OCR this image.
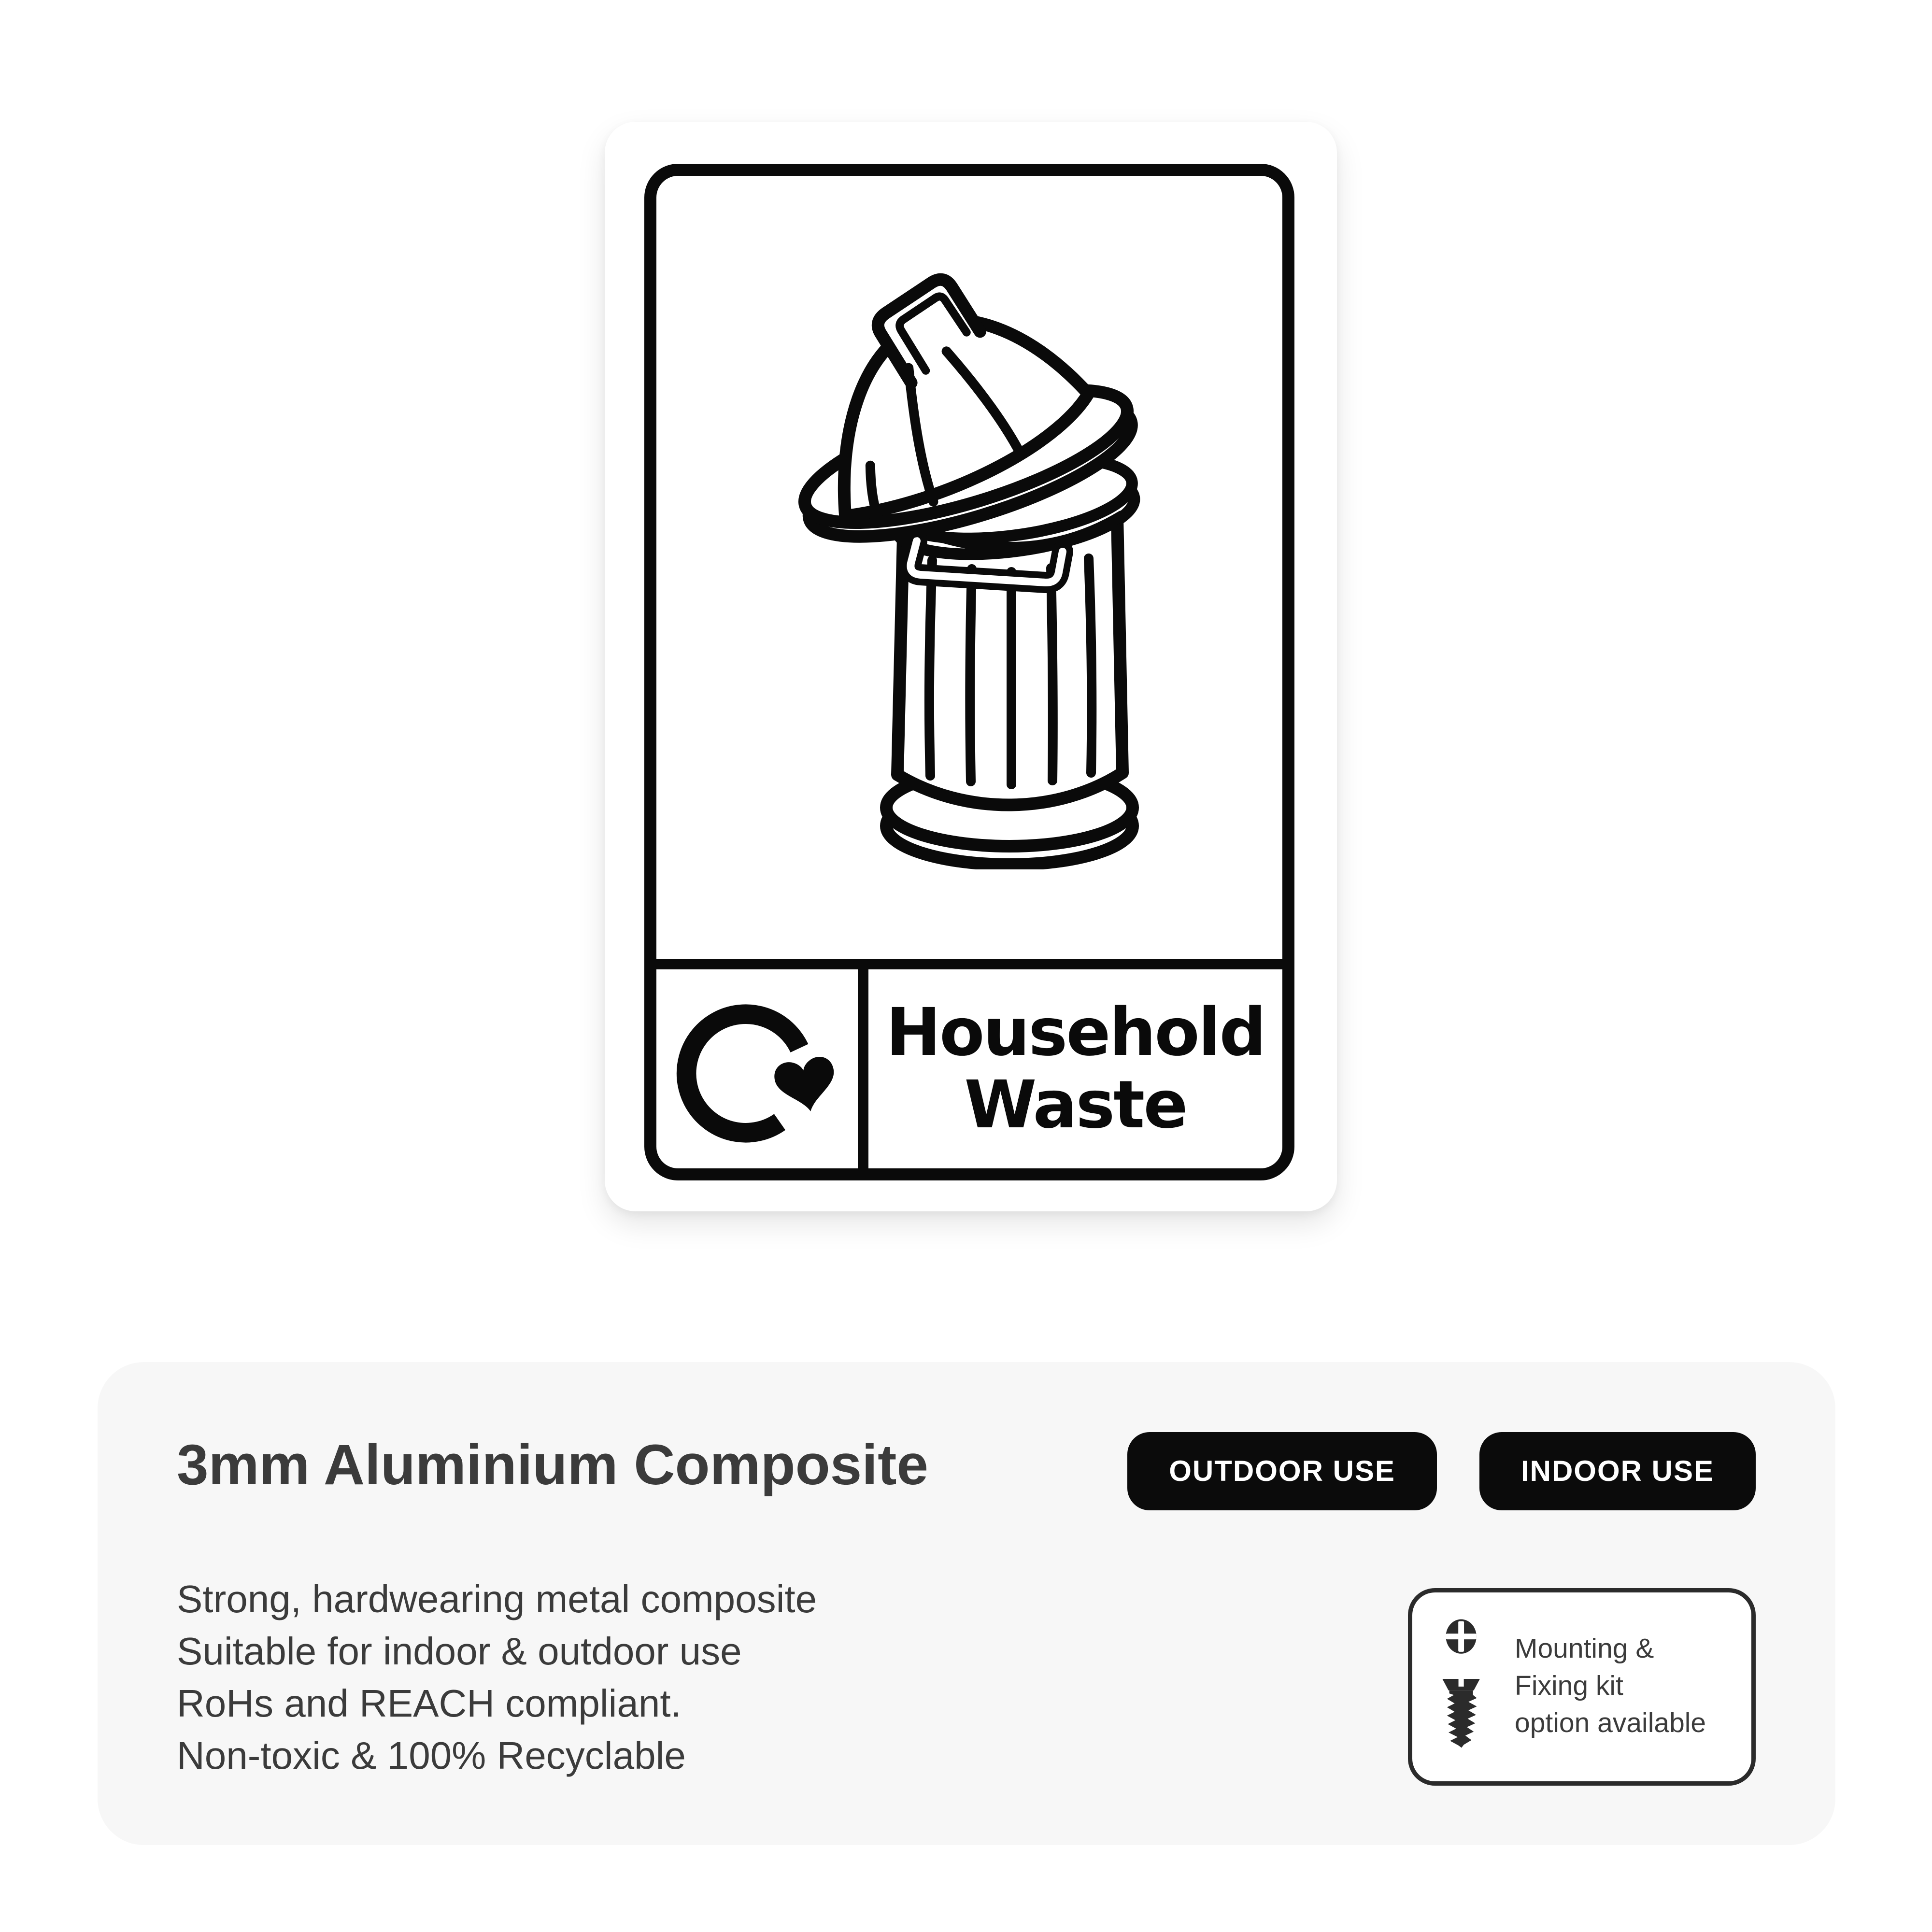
Household
Waste
3mm Aluminium Composite	OUTDOOR USE	INDOOR USE
Strong, hardwearing metal composite
Suitable for indoor & outdoor use
RoHs and REACH compliant.
Non-toxic & 100% Recyclable
Mounting &
Fixing kit
option available
